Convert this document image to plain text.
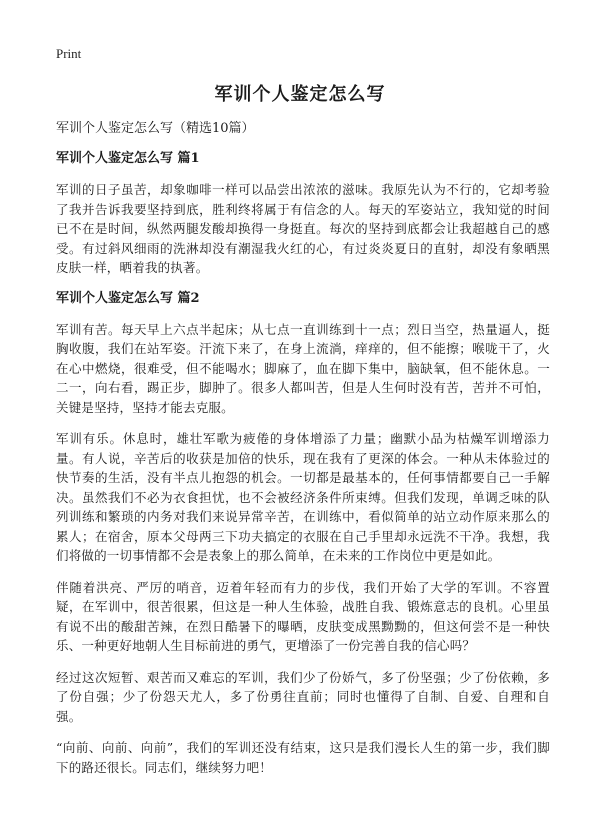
Print
军训个人鉴定怎么写

军训个人鉴定怎么写（精选10篇）

军训个人鉴定怎么写 篇1

军训的日子虽苦，却象咖啡一样可以品尝出浓浓的滋味。我原先认为不行的，它却考验了我并告诉我要坚持到底，胜利终将属于有信念的人。每天的军姿站立，我知觉的时间已不在是时间，纵然两腿发酸却换得一身挺直。每次的坚持到底都会让我超越自己的感受。有过斜风细雨的洗淋却没有潮湿我火红的心，有过炎炎夏日的直射，却没有象晒黑皮肤一样，晒着我的执著。

军训个人鉴定怎么写 篇2

军训有苦。每天早上六点半起床；从七点一直训练到十一点；烈日当空，热量逼人，挺胸收腹，我们在站军姿。汗流下来了，在身上流淌，痒痒的，但不能擦；喉咙干了，火在心中燃烧，很难受，但不能喝水；脚麻了，血在脚下集中，脑缺氧，但不能休息。一二一，向右看，踢正步，脚肿了。很多人都叫苦，但是人生何时没有苦，苦并不可怕，关键是坚持，坚持才能去克服。

军训有乐。休息时，雄壮军歌为疲倦的身体增添了力量；幽默小品为枯燥军训增添力量。有人说，辛苦后的收获是加倍的快乐，现在我有了更深的体会。一种从未体验过的快节奏的生活，没有半点儿抱怨的机会。一切都是最基本的，任何事情都要自己一手解决。虽然我们不必为衣食担忧，也不会被经济条件所束缚。但我们发现，单调乏味的队列训练和繁琐的内务对我们来说异常辛苦，在训练中，看似简单的站立动作原来那么的累人；在宿舍，原本父母两三下功夫搞定的衣服在自己手里却永远洗不干净。我想，我们将做的一切事情都不会是表象上的那么简单，在未来的工作岗位中更是如此。

伴随着洪亮、严厉的哨音，迈着年轻而有力的步伐，我们开始了大学的军训。不容置疑，在军训中，很苦很累，但这是一种人生体验，战胜自我、锻炼意志的良机。心里虽有说不出的酸甜苦辣，在烈日酷暑下的曝晒，皮肤变成黑黝黝的，但这何尝不是一种快乐、一种更好地朝人生目标前进的勇气，更增添了一份完善自我的信心吗？

经过这次短暂、艰苦而又难忘的军训，我们少了份娇气，多了份坚强；少了份依赖，多了份自强；少了份怨天尤人，多了份勇往直前；同时也懂得了自制、自爱、自理和自强。

“向前、向前、向前”，我们的军训还没有结束，这只是我们漫长人生的第一步，我们脚下的路还很长。同志们，继续努力吧！
